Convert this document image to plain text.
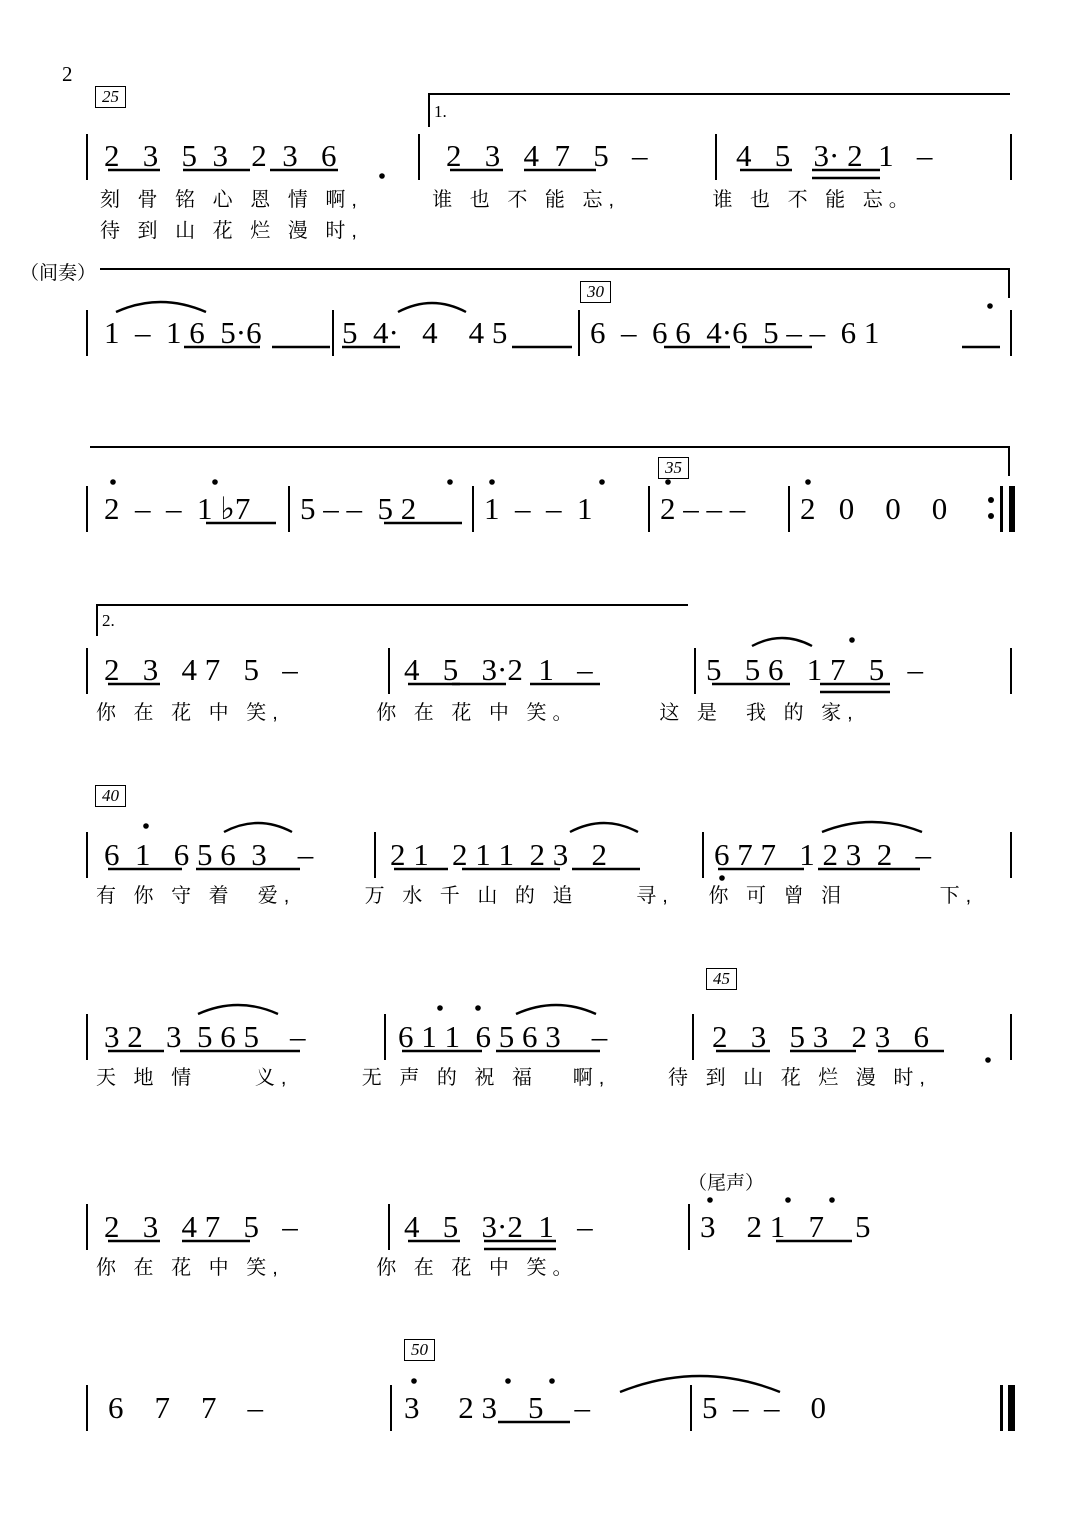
2
25
1.
2   3   5  3   2  3   6	2   3   4  7   5   –	4   5   3· 2  1   –
刻 骨 铭 心 恩 情 啊,      谁 也 不 能 忘,        谁 也 不 能 忘。
待 到 山 花 烂 漫 时,
（间奏）
30
1  –  1 6  5·6	5  4·   4    4 5	6  –  6 6  4·6  5 – –  6 1
35
2  –  –  1 ♭7 5 – –  5 2 1  –  –  1 2 – – – 2   0    0    0
2.
2   3   4 7   5   –	4   5   3·2  1   –	5   5 6   1 7   5   –
你 在 花 中 笑,        你 在 花 中 笑。       这 是  我 的 家,
40
6  1   6 5 6  3    – 2 1   2 1 1  2 3   2	6 7 7   1 2 3  2   –
有 你 守 着  爱,      万 水 千 山 的 追     寻,   你 可 曾 泪        下,
45
3 2   3  5 6 5    –	6 1 1  6 5 6 3    –	2   3   5 3   2 3   6
天 地 情     义,      无 声 的 祝 福   啊,     待 到 山 花 烂 漫 时,
（尾声）
2   3   4 7   5   –	4   5   3·2  1   –	3    2 1   7    5
你 在 花 中 笑,        你 在 花 中 笑。
50
6    7    7    –	3     2 3    5    –	5  –  –    0
